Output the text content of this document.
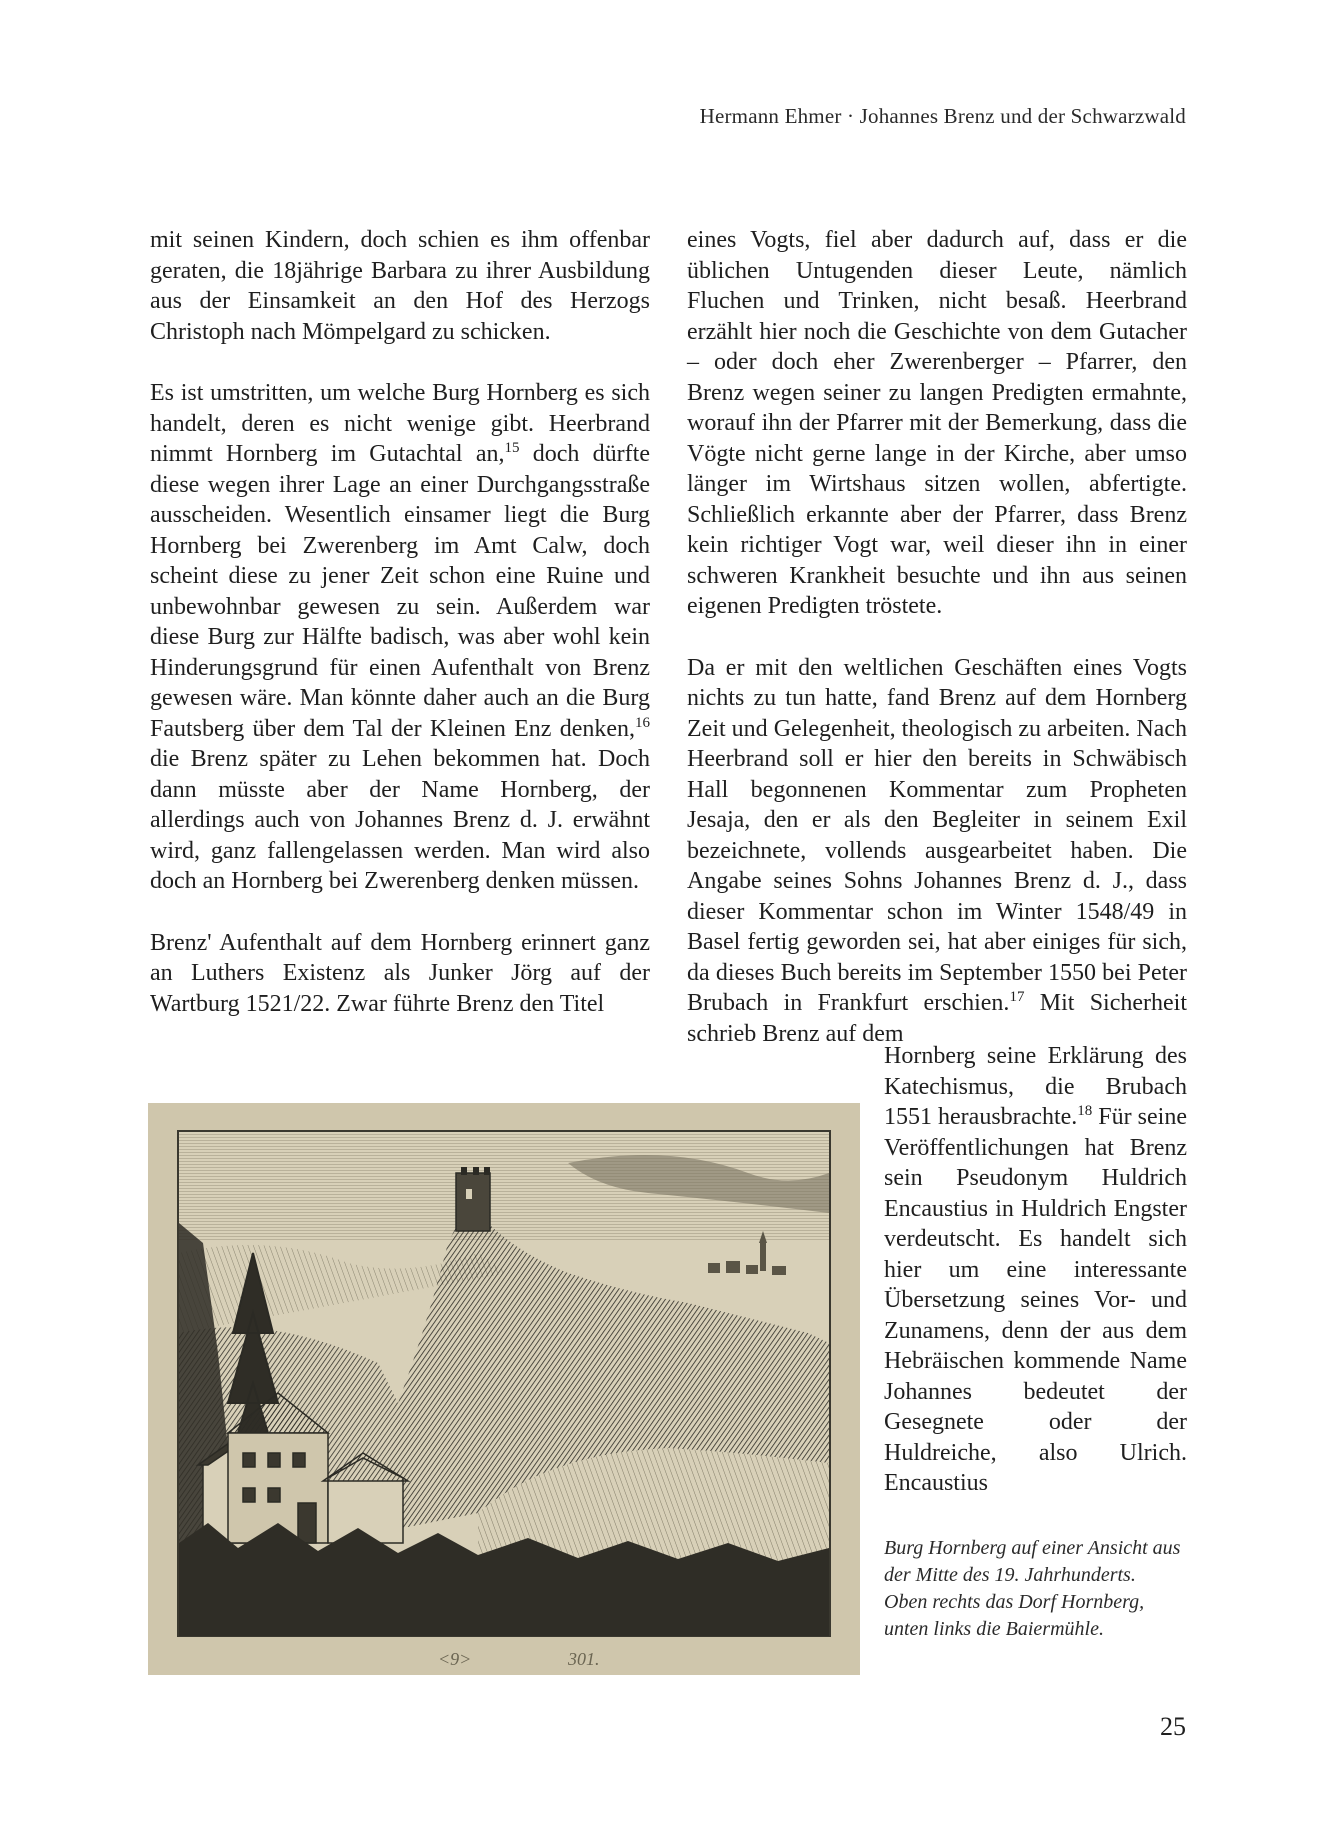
Hermann Ehmer · Johannes Brenz und der Schwarzwald

mit seinen Kindern, doch schien es ihm offenbar geraten, die 18jährige Barbara zu ihrer Ausbildung aus der Einsamkeit an den Hof des Herzogs Christoph nach Mömpelgard zu schicken.

Es ist umstritten, um welche Burg Hornberg es sich handelt, deren es nicht wenige gibt. Heerbrand nimmt Hornberg im Gutachtal an,$^{15}$ doch dürfte diese wegen ihrer Lage an einer Durchgangsstraße ausscheiden. Wesentlich einsamer liegt die Burg Hornberg bei Zwerenberg im Amt Calw, doch scheint diese zu jener Zeit schon eine Ruine und unbewohnbar gewesen zu sein. Außerdem war diese Burg zur Hälfte badisch, was aber wohl kein Hinderungsgrund für einen Aufenthalt von Brenz gewesen wäre. Man könnte daher auch an die Burg Fautsberg über dem Tal der Kleinen Enz denken,$^{16}$ die Brenz später zu Lehen bekommen hat. Doch dann müsste aber der Name Hornberg, der allerdings auch von Johannes Brenz d. J. erwähnt wird, ganz fallengelassen werden. Man wird also doch an Hornberg bei Zwerenberg denken müssen.

Brenz' Aufenthalt auf dem Hornberg erinnert ganz an Luthers Existenz als Junker Jörg auf der Wartburg 1521/22. Zwar führte Brenz den Titel

eines Vogts, fiel aber dadurch auf, dass er die üblichen Untugenden dieser Leute, nämlich Fluchen und Trinken, nicht besaß. Heerbrand erzählt hier noch die Geschichte von dem Gutacher – oder doch eher Zwerenberger – Pfarrer, den Brenz wegen seiner zu langen Predigten ermahnte, worauf ihn der Pfarrer mit der Bemerkung, dass die Vögte nicht gerne lange in der Kirche, aber umso länger im Wirtshaus sitzen wollen, abfertigte. Schließlich erkannte aber der Pfarrer, dass Brenz kein richtiger Vogt war, weil dieser ihn in einer schweren Krankheit besuchte und ihn aus seinen eigenen Predigten tröstete.

Da er mit den weltlichen Geschäften eines Vogts nichts zu tun hatte, fand Brenz auf dem Hornberg Zeit und Gelegenheit, theologisch zu arbeiten. Nach Heerbrand soll er hier den bereits in Schwäbisch Hall begonnenen Kommentar zum Propheten Jesaja, den er als den Begleiter in seinem Exil bezeichnete, vollends ausgearbeitet haben. Die Angabe seines Sohns Johannes Brenz d. J., dass dieser Kommentar schon im Winter 1548/49 in Basel fertig geworden sei, hat aber einiges für sich, da dieses Buch bereits im September 1550 bei Peter Brubach in Frankfurt erschien.$^{17}$ Mit Sicherheit schrieb Brenz auf dem

Hornberg seine Erklärung des Katechismus, die Brubach 1551 herausbrachte.$^{18}$ Für seine Veröffentlichungen hat Brenz sein Pseudonym Huldrich Encaustius in Huldrich Engster verdeutscht. Es handelt sich hier um eine interessante Übersetzung seines Vor- und Zunamens, denn der aus dem Hebräischen kommende Name Johannes bedeutet der Gesegnete oder der Huldreiche, also Ulrich. Encaustius

<9>	301.
Burg Hornberg auf einer Ansicht aus der Mitte des 19. Jahrhunderts. Oben rechts das Dorf Hornberg, unten links die Baiermühle.
25
